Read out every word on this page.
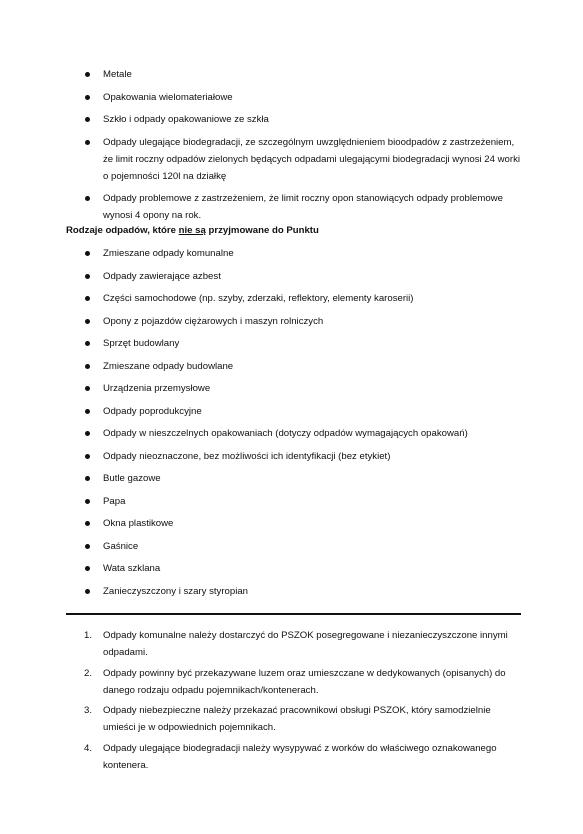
Metale
Opakowania wielomateriałowe
Szkło i odpady opakowaniowe ze szkła
Odpady ulegające biodegradacji, ze szczególnym uwzględnieniem bioodpadów z zastrzeżeniem, że limit roczny odpadów zielonych będących odpadami ulegającymi biodegradacji wynosi 24 worki o pojemności 120l na działkę
Odpady problemowe z zastrzeżeniem, że limit roczny opon stanowiących odpady problemowe wynosi 4 opony na rok.
Rodzaje odpadów, które nie są przyjmowane do Punktu
Zmieszane odpady komunalne
Odpady zawierające azbest
Części samochodowe (np. szyby, zderzaki, reflektory, elementy karoserii)
Opony z pojazdów ciężarowych i maszyn rolniczych
Sprzęt budowlany
Zmieszane odpady budowlane
Urządzenia przemysłowe
Odpady poprodukcyjne
Odpady w nieszczelnych opakowaniach (dotyczy odpadów wymagających opakowań)
Odpady nieoznaczone, bez możliwości ich identyfikacji (bez etykiet)
Butle gazowe
Papa
Okna plastikowe
Gaśnice
Wata szklana
Zanieczyszczony i szary styropian
1. Odpady komunalne należy dostarczyć do PSZOK posegregowane i niezanieczyszczone innymi odpadami.
2. Odpady powinny być przekazywane luzem oraz umieszczane w dedykowanych (opisanych) do danego rodzaju odpadu pojemnikach/kontenerach.
3. Odpady niebezpieczne należy przekazać pracownikowi obsługi PSZOK, który samodzielnie umieści je w odpowiednich pojemnikach.
4. Odpady ulegające biodegradacji należy wysypywać z worków do właściwego oznakowanego kontenera.
